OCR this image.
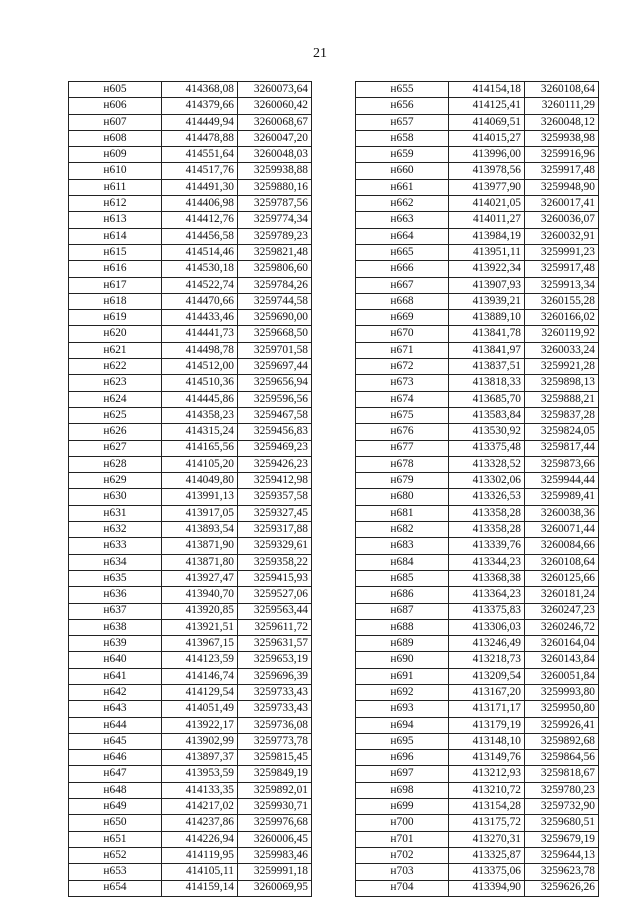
21
н605	414368,08	3260073,64
н606	414379,66	3260060,42
н607	414449,94	3260068,67
н608	414478,88	3260047,20
н609	414551,64	3260048,03
н610	414517,76	3259938,88
н611	414491,30	3259880,16
н612	414406,98	3259787,56
н613	414412,76	3259774,34
н614	414456,58	3259789,23
н615	414514,46	3259821,48
н616	414530,18	3259806,60
н617	414522,74	3259784,26
н618	414470,66	3259744,58
н619	414433,46	3259690,00
н620	414441,73	3259668,50
н621	414498,78	3259701,58
н622	414512,00	3259697,44
н623	414510,36	3259656,94
н624	414445,86	3259596,56
н625	414358,23	3259467,58
н626	414315,24	3259456,83
н627	414165,56	3259469,23
н628	414105,20	3259426,23
н629	414049,80	3259412,98
н630	413991,13	3259357,58
н631	413917,05	3259327,45
н632	413893,54	3259317,88
н633	413871,90	3259329,61
н634	413871,80	3259358,22
н635	413927,47	3259415,93
н636	413940,70	3259527,06
н637	413920,85	3259563,44
н638	413921,51	3259611,72
н639	413967,15	3259631,57
н640	414123,59	3259653,19
н641	414146,74	3259696,39
н642	414129,54	3259733,43
н643	414051,49	3259733,43
н644	413922,17	3259736,08
н645	413902,99	3259773,78
н646	413897,37	3259815,45
н647	413953,59	3259849,19
н648	414133,35	3259892,01
н649	414217,02	3259930,71
н650	414237,86	3259976,68
н651	414226,94	3260006,45
н652	414119,95	3259983,46
н653	414105,11	3259991,18
н654	414159,14	3260069,95
н655	414154,18	3260108,64
н656	414125,41	3260111,29
н657	414069,51	3260048,12
н658	414015,27	3259938,98
н659	413996,00	3259916,96
н660	413978,56	3259917,48
н661	413977,90	3259948,90
н662	414021,05	3260017,41
н663	414011,27	3260036,07
н664	413984,19	3260032,91
н665	413951,11	3259991,23
н666	413922,34	3259917,48
н667	413907,93	3259913,34
н668	413939,21	3260155,28
н669	413889,10	3260166,02
н670	413841,78	3260119,92
н671	413841,97	3260033,24
н672	413837,51	3259921,28
н673	413818,33	3259898,13
н674	413685,70	3259888,21
н675	413583,84	3259837,28
н676	413530,92	3259824,05
н677	413375,48	3259817,44
н678	413328,52	3259873,66
н679	413302,06	3259944,44
н680	413326,53	3259989,41
н681	413358,28	3260038,36
н682	413358,28	3260071,44
н683	413339,76	3260084,66
н684	413344,23	3260108,64
н685	413368,38	3260125,66
н686	413364,23	3260181,24
н687	413375,83	3260247,23
н688	413306,03	3260246,72
н689	413246,49	3260164,04
н690	413218,73	3260143,84
н691	413209,54	3260051,84
н692	413167,20	3259993,80
н693	413171,17	3259950,80
н694	413179,19	3259926,41
н695	413148,10	3259892,68
н696	413149,76	3259864,56
н697	413212,93	3259818,67
н698	413210,72	3259780,23
н699	413154,28	3259732,90
н700	413175,72	3259680,51
н701	413270,31	3259679,19
н702	413325,87	3259644,13
н703	413375,06	3259623,78
н704	413394,90	3259626,26
